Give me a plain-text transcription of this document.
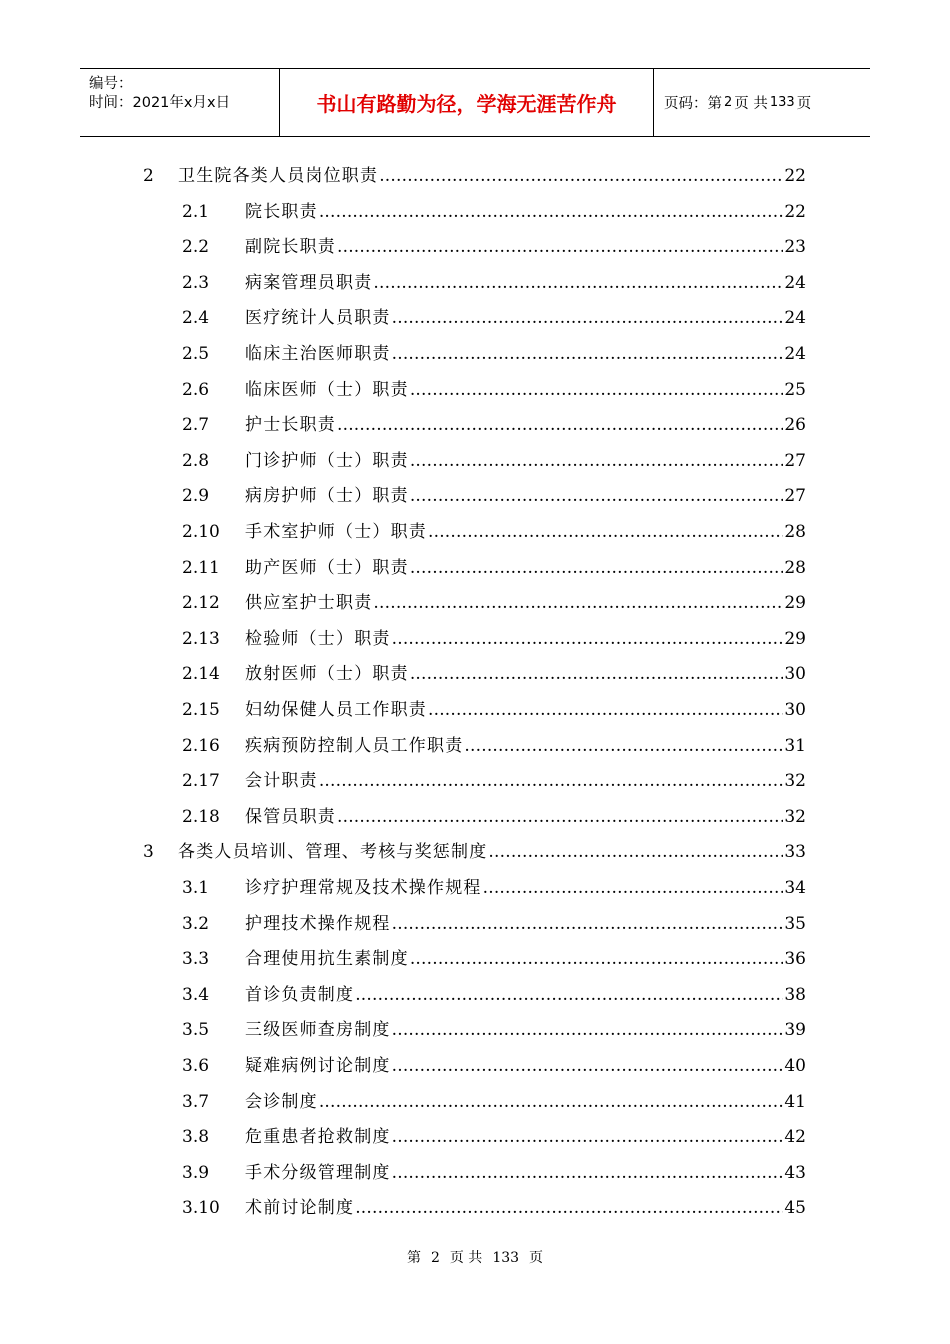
编号：
时间：2021年x月x日	书山有路勤为径，学海无涯苦作舟	页码：第 2 页 共 133 页
2	卫生院各类人员岗位职责 .....	22
2.1	院长职责 .....	22
2.2	副院长职责 .....	23
2.3	病案管理员职责 .....	24
2.4	医疗统计人员职责 .....	24
2.5	临床主治医师职责 .....	24
2.6	临床医师（士）职责 .....	25
2.7	护士长职责 .....	26
2.8	门诊护师（士）职责 .....	27
2.9	病房护师（士）职责 .....	27
2.10	手术室护师（士）职责 .....	28
2.11	助产医师（士）职责 .....	28
2.12	供应室护士职责 .....	29
2.13	检验师（士）职责 .....	29
2.14	放射医师（士）职责 .....	30
2.15	妇幼保健人员工作职责 .....	30
2.16	疾病预防控制人员工作职责 .....	31
2.17	会计职责 .....	32
2.18	保管员职责 .....	32
3	各类人员培训、管理、考核与奖惩制度 .....	33
3.1	诊疗护理常规及技术操作规程 .....	34
3.2	护理技术操作规程 .....	35
3.3	合理使用抗生素制度 .....	36
3.4	首诊负责制度 .....	38
3.5	三级医师查房制度 .....	39
3.6	疑难病例讨论制度 .....	40
3.7	会诊制度 .....	41
3.8	危重患者抢救制度 .....	42
3.9	手术分级管理制度 .....	43
3.10	术前讨论制度 .....	45
第 2 页 共 133 页
